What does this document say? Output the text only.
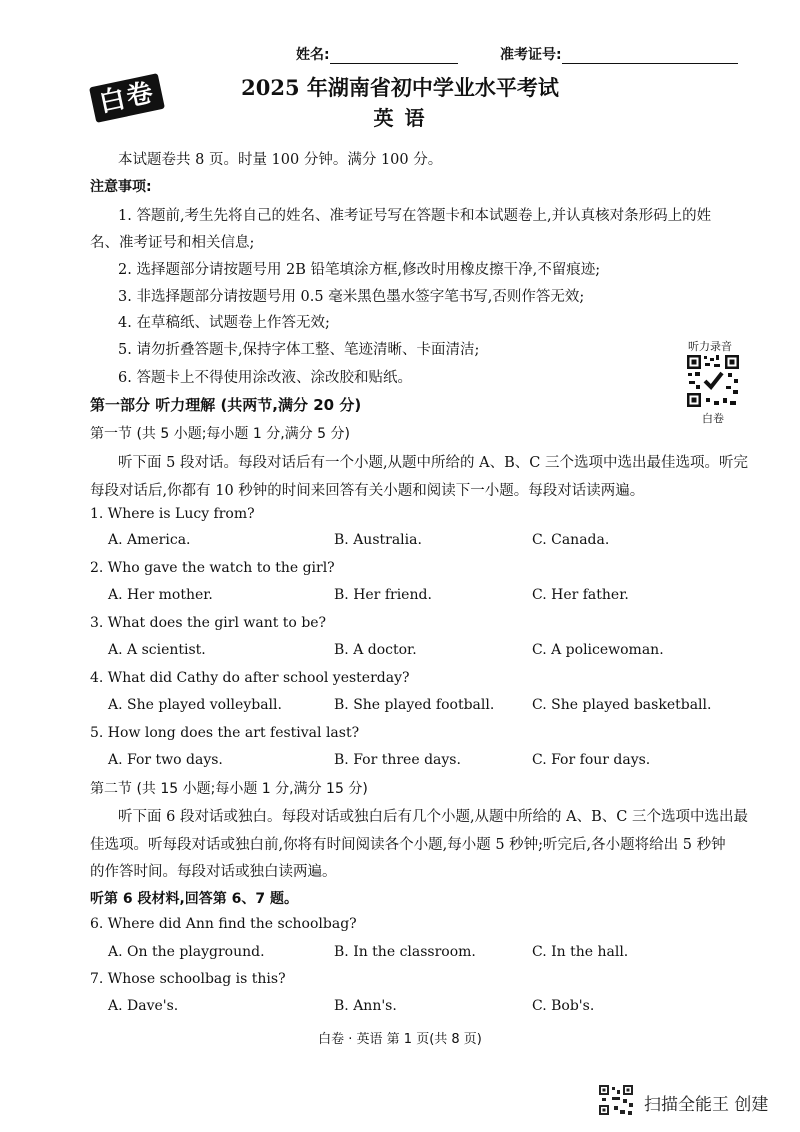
姓名:	准考证号:
白卷	2025 年湖南省初中学业水平考试
英 语
本试题卷共 8 页。时量 100 分钟。满分 100 分。
注意事项:
1. 答题前,考生先将自己的姓名、准考证号写在答题卡和本试题卷上,并认真核对条形码上的姓
名、准考证号和相关信息;
2. 选择题部分请按题号用 2B 铅笔填涂方框,修改时用橡皮擦干净,不留痕迹;
3. 非选择题部分请按题号用 0.5 毫米黑色墨水签字笔书写,否则作答无效;
4. 在草稿纸、试题卷上作答无效;
5. 请勿折叠答题卡,保持字体工整、笔迹清晰、卡面清洁;
6. 答题卡上不得使用涂改液、涂改胶和贴纸。
听力录音
白卷
第一部分 听力理解 (共两节,满分 20 分)
第一节 (共 5 小题;每小题 1 分,满分 5 分)
听下面 5 段对话。每段对话后有一个小题,从题中所给的 A、B、C 三个选项中选出最佳选项。听完
每段对话后,你都有 10 秒钟的时间来回答有关小题和阅读下一小题。每段对话读两遍。
1. Where is Lucy from?
A. America.	B. Australia.	C. Canada.
2. Who gave the watch to the girl?
A. Her mother.	B. Her friend.	C. Her father.
3. What does the girl want to be?
A. A scientist.	B. A doctor.	C. A policewoman.
4. What did Cathy do after school yesterday?
A. She played volleyball.	B. She played football.	C. She played basketball.
5. How long does the art festival last?
A. For two days.	B. For three days.	C. For four days.
第二节 (共 15 小题;每小题 1 分,满分 15 分)
听下面 6 段对话或独白。每段对话或独白后有几个小题,从题中所给的 A、B、C 三个选项中选出最
佳选项。听每段对话或独白前,你将有时间阅读各个小题,每小题 5 秒钟;听完后,各小题将给出 5 秒钟
的作答时间。每段对话或独白读两遍。
听第 6 段材料,回答第 6、7 题。
6. Where did Ann find the schoolbag?
A. On the playground.	B. In the classroom.	C. In the hall.
7. Whose schoolbag is this?
A. Dave's.	B. Ann's.	C. Bob's.
白卷 · 英语 第 1 页(共 8 页)
扫描全能王 创建
